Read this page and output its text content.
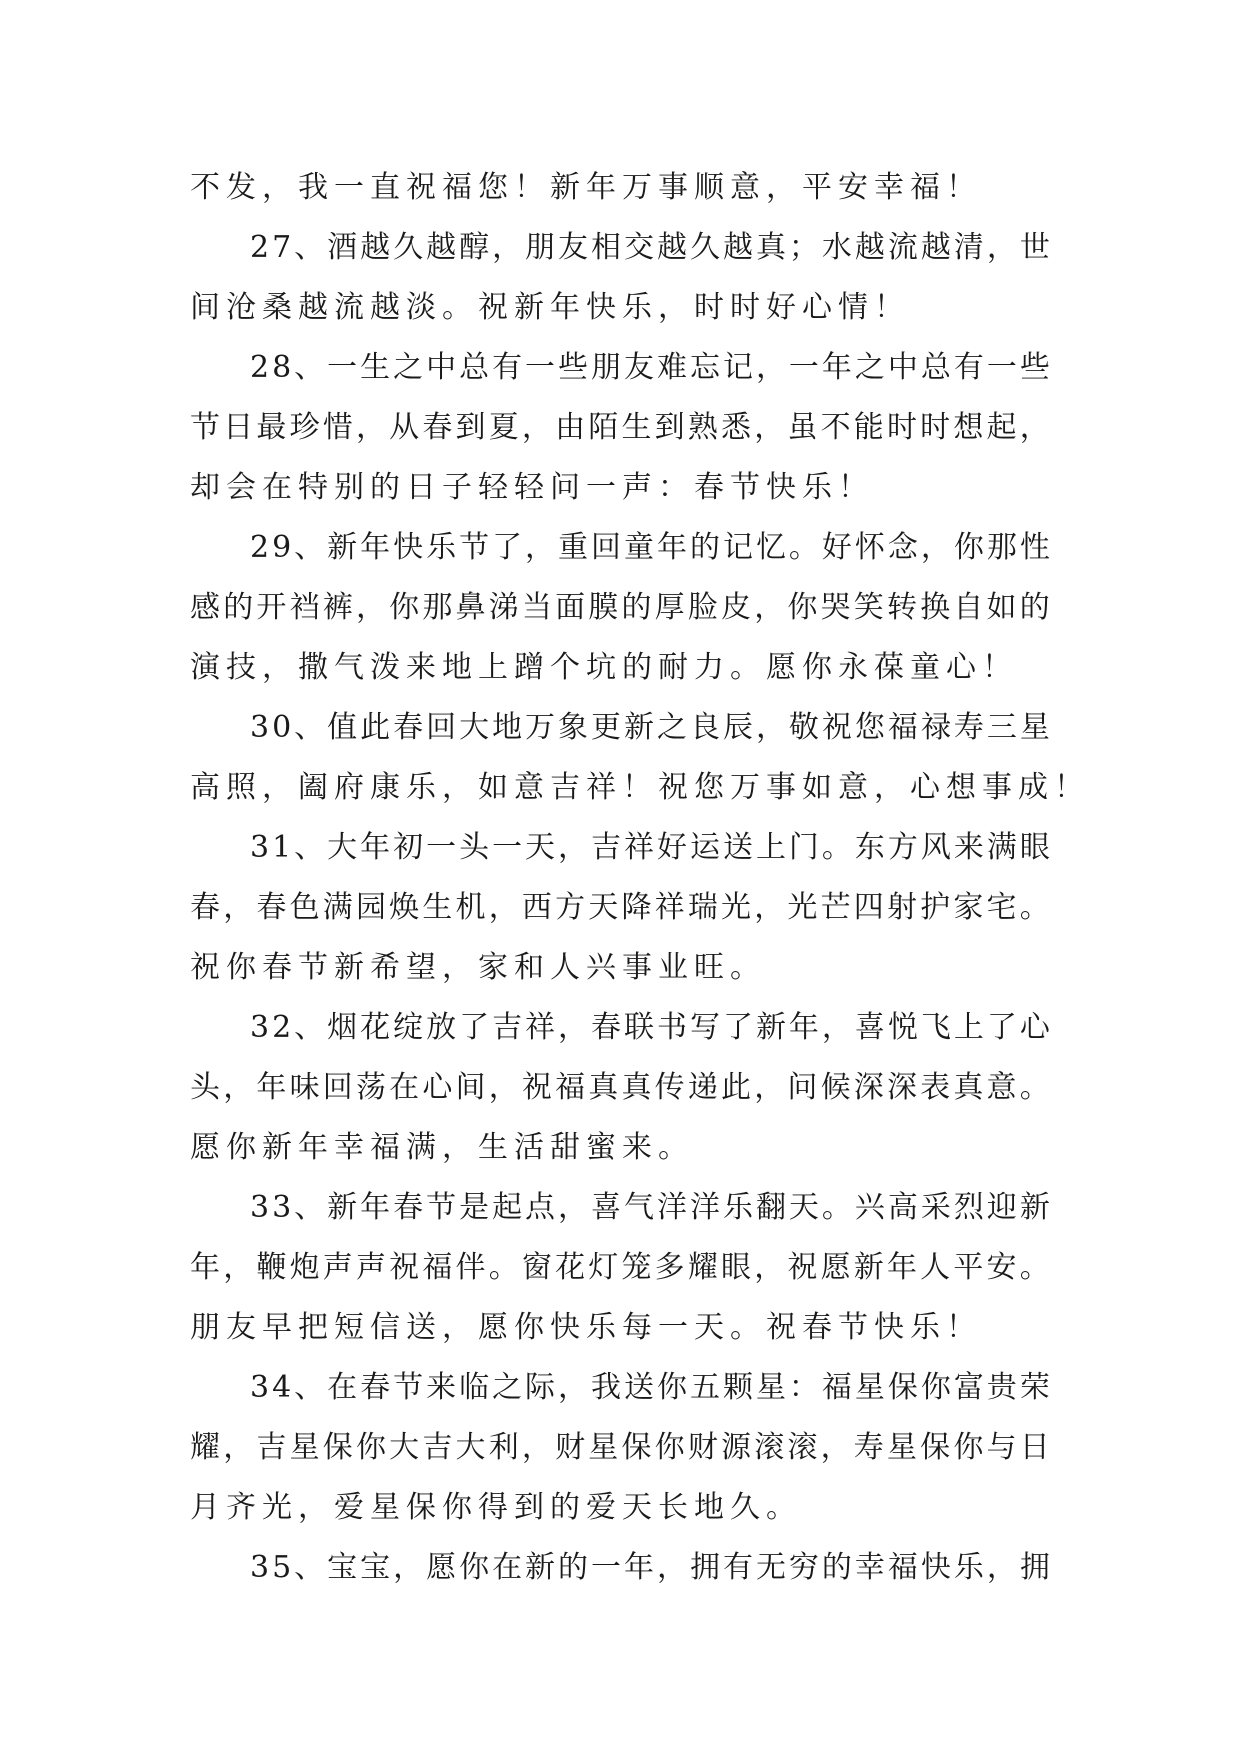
不发，我一直祝福您！新年万事顺意，平安幸福！
2 7 、 酒 越 久 越 醇 ， 朋 友 相 交 越 久 越 真 ； 水 越 流 越 清 ， 世
间沧桑越流越淡。祝新年快乐，时时好心情！
2 8 、 一 生 之 中 总 有 一 些 朋 友 难 忘 记 ， 一 年 之 中 总 有 一 些
节 日 最 珍 惜 ， 从 春 到 夏 ， 由 陌 生 到 熟 悉 ， 虽 不 能 时 时 想 起 ，
却会在特别的日子轻轻问一声：春节快乐！
2 9 、 新 年 快 乐 节 了 ， 重 回 童 年 的 记 忆 。 好 怀 念 ， 你 那 性
感 的 开 裆 裤 ， 你 那 鼻 涕 当 面 膜 的 厚 脸 皮 ， 你 哭 笑 转 换 自 如 的
演技，撒气泼来地上蹭个坑的耐力。愿你永葆童心！
3 0 、 值 此 春 回 大 地 万 象 更 新 之 良 辰 ， 敬 祝 您 福 禄 寿 三 星
高照，阖府康乐，如意吉祥！祝您万事如意，心想事成！
3 1 、 大 年 初 一 头 一 天 ， 吉 祥 好 运 送 上 门 。 东 方 风 来 满 眼
春 ， 春 色 满 园 焕 生 机 ， 西 方 天 降 祥 瑞 光 ， 光 芒 四 射 护 家 宅 。
祝你春节新希望，家和人兴事业旺。
3 2 、 烟 花 绽 放 了 吉 祥 ， 春 联 书 写 了 新 年 ， 喜 悦 飞 上 了 心
头 ， 年 味 回 荡 在 心 间 ， 祝 福 真 真 传 递 此 ， 问 候 深 深 表 真 意 。
愿你新年幸福满，生活甜蜜来。
3 3 、 新 年 春 节 是 起 点 ， 喜 气 洋 洋 乐 翻 天 。 兴 高 采 烈 迎 新
年 ， 鞭 炮 声 声 祝 福 伴 。 窗 花 灯 笼 多 耀 眼 ， 祝 愿 新 年 人 平 安 。
朋友早把短信送，愿你快乐每一天。祝春节快乐！
3 4 、 在 春 节 来 临 之 际 ， 我 送 你 五 颗 星 ： 福 星 保 你 富 贵 荣
耀 ， 吉 星 保 你 大 吉 大 利 ， 财 星 保 你 财 源 滚 滚 ， 寿 星 保 你 与 日
月齐光，爱星保你得到的爱天长地久。
3 5 、 宝 宝 ， 愿 你 在 新 的 一 年 ， 拥 有 无 穷 的 幸 福 快 乐 ， 拥
